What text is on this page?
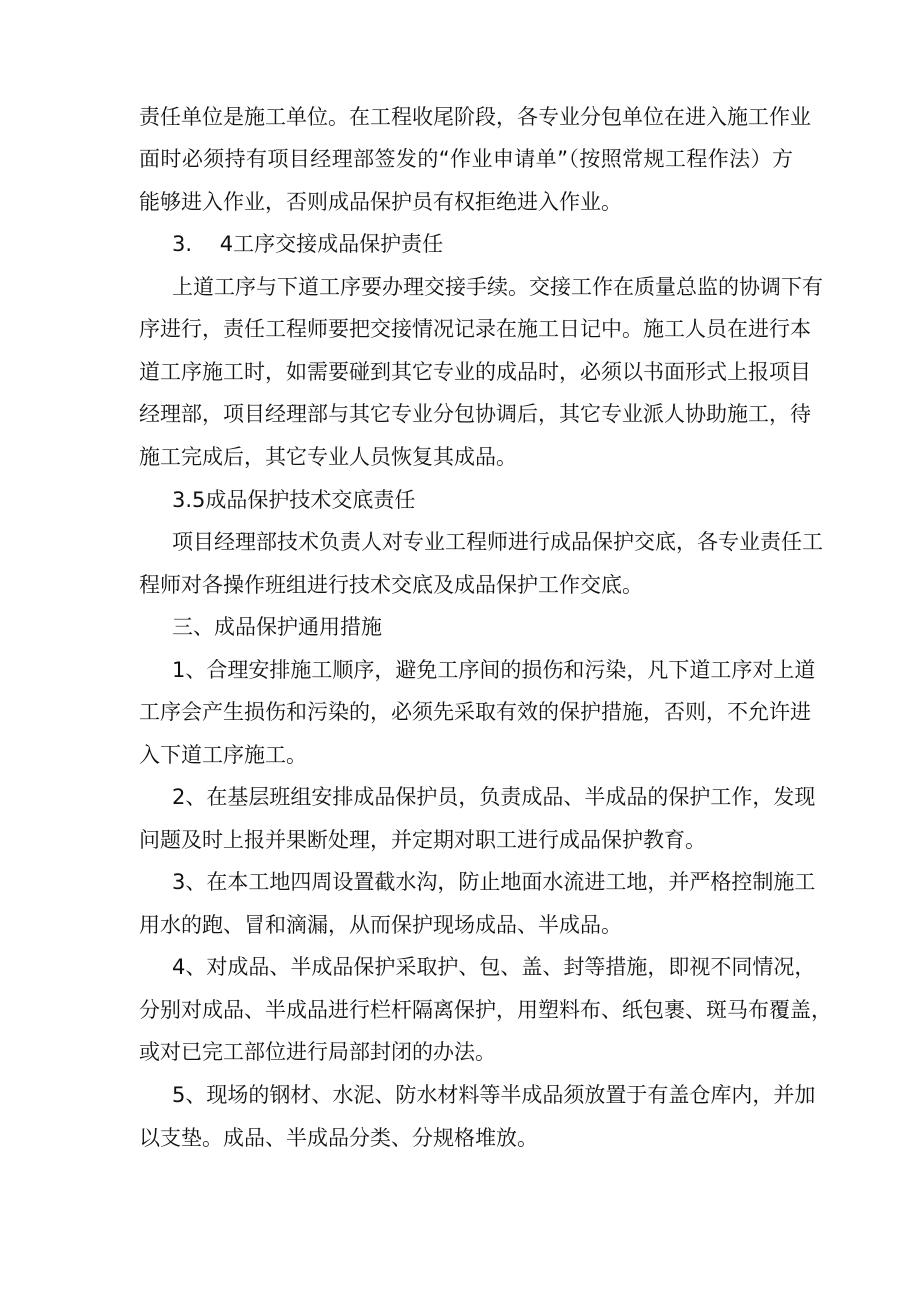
责任单位是施工单位。在工程收尾阶段，各专业分包单位在进入施工作业

面时必须持有项目经理部签发的“作业申请单”（按照常规工程作法）方

能够进入作业，否则成品保护员有权拒绝进入作业。

3.　 4工序交接成品保护责任

上道工序与下道工序要办理交接手续。交接工作在质量总监的协调下有

序进行，责任工程师要把交接情况记录在施工日记中。施工人员在进行本

道工序施工时，如需要碰到其它专业的成品时，必须以书面形式上报项目

经理部，项目经理部与其它专业分包协调后，其它专业派人协助施工，待

施工完成后，其它专业人员恢复其成品。

3.5成品保护技术交底责任

项目经理部技术负责人对专业工程师进行成品保护交底，各专业责任工

程师对各操作班组进行技术交底及成品保护工作交底。

三、成品保护通用措施

1、合理安排施工顺序，避免工序间的损伤和污染，凡下道工序对上道

工序会产生损伤和污染的，必须先采取有效的保护措施，否则，不允许进

入下道工序施工。

2、在基层班组安排成品保护员，负责成品、半成品的保护工作，发现

问题及时上报并果断处理，并定期对职工进行成品保护教育。

3、在本工地四周设置截水沟，防止地面水流进工地，并严格控制施工

用水的跑、冒和滴漏，从而保护现场成品、半成品。

4、对成品、半成品保护采取护、包、盖、封等措施，即视不同情况，

分别对成品、半成品进行栏杆隔离保护，用塑料布、纸包裹、斑马布覆盖，

或对已完工部位进行局部封闭的办法。

5、现场的钢材、水泥、防水材料等半成品须放置于有盖仓库内，并加

以支垫。成品、半成品分类、分规格堆放。
